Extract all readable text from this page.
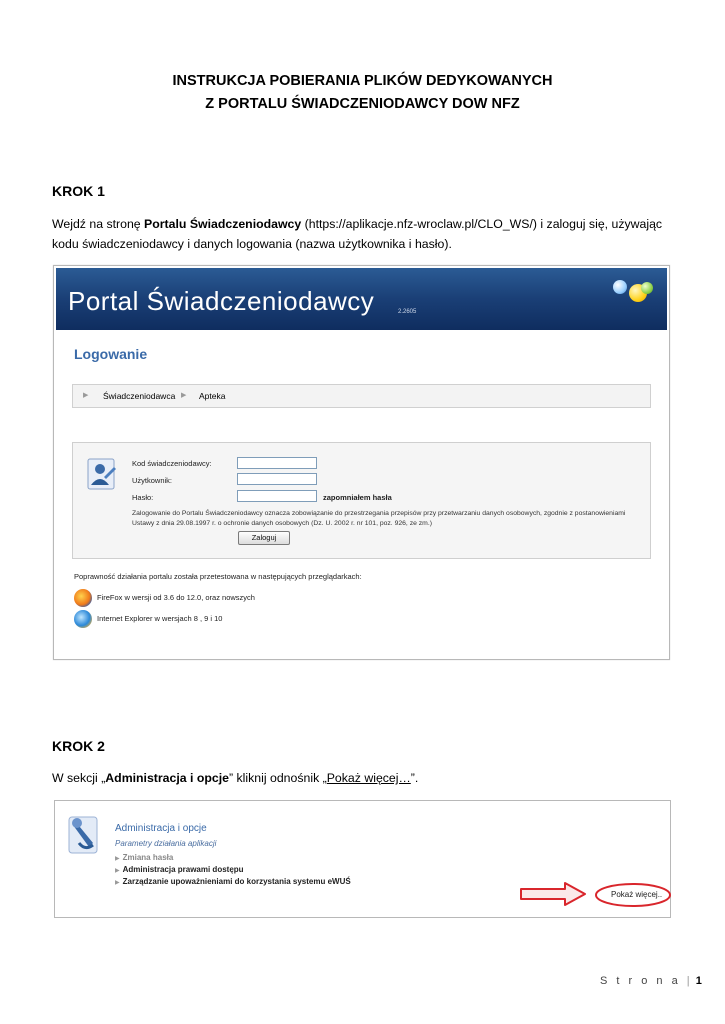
INSTRUKCJA POBIERANIA PLIKÓW DEDYKOWANYCH
Z PORTALU ŚWIADCZENIODAWCY DOW NFZ
KROK 1
Wejdź na stronę Portalu Świadczeniodawcy (https://aplikacje.nfz-wroclaw.pl/CLO_WS/) i zaloguj się, używając kodu świadczeniodawcy i danych logowania (nazwa użytkownika i hasło).
Portal Świadczeniodawcy	2.2605
Logowanie
▶ Świadczeniodawca ▶ Apteka
Kod świadczeniodawcy:
Użytkownik:
Hasło:	zapomniałem hasła
Zalogowanie do Portalu Świadczeniodawcy oznacza zobowiązanie do przestrzegania przepisów przy przetwarzaniu danych osobowych, zgodnie z postanowieniami Ustawy z dnia 29.08.1997 r. o ochronie danych osobowych (Dz. U. 2002 r. nr 101, poz. 926, ze zm.)
Zaloguj
Poprawność działania portalu została przetestowana w następujących przeglądarkach:
FireFox w wersji od 3.6 do 12.0, oraz nowszych
Internet Explorer w wersjach 8 , 9 i 10
KROK 2
W sekcji „Administracja i opcje” kliknij odnośnik „Pokaż więcej…”.
Administracja i opcje
Parametry działania aplikacji
▶ Zmiana hasła
▶ Administracja prawami dostępu
▶ Zarządzanie upoważnieniami do korzystania systemu eWUŚ
Pokaż więcej..
S t r o n a | 1
